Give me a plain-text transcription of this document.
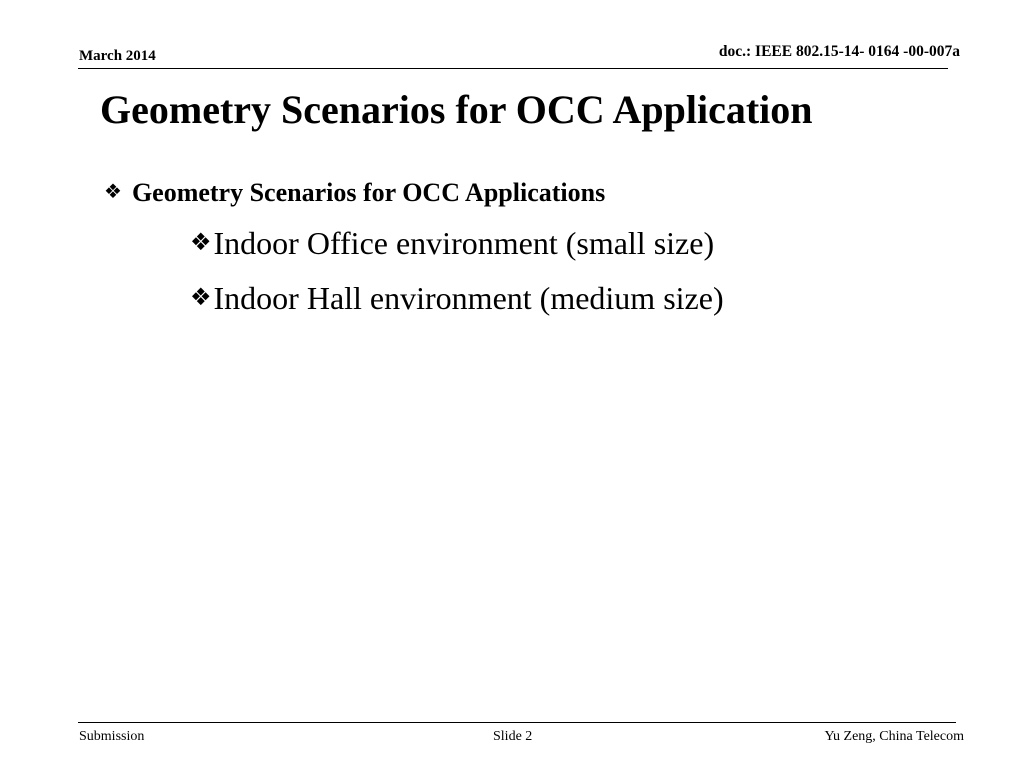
March 2014	doc.: IEEE 802.15-14- 0164 -00-007a
Geometry Scenarios for OCC Application
❖ Geometry Scenarios for OCC Applications
❖Indoor Office environment (small size)
❖Indoor Hall environment (medium size)
Submission	Slide 2	Yu Zeng, China Telecom
